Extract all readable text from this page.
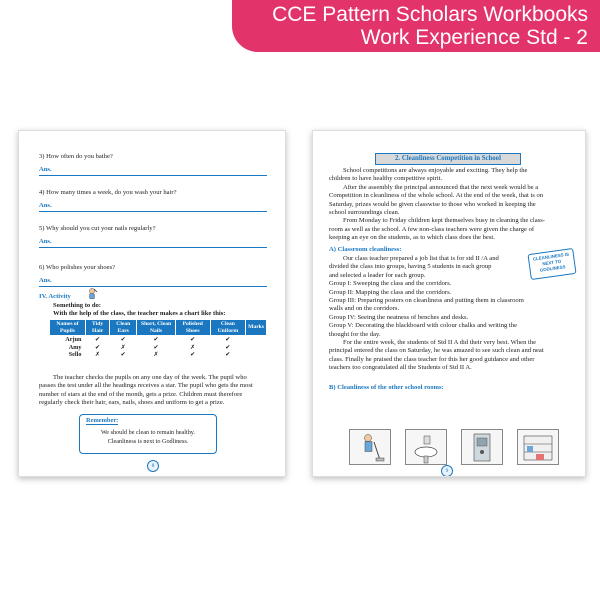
CCE Pattern Scholars Workbooks
Work Experience Std - 2
3) How often do you bathe?
Ans.
4) How many times a week, do you wash your hair?
Ans.
5) Why should you cut your nails regularly?
Ans.
6) Who polishes your shoes?
Ans.
IV. Activity
Something to do:
With the help of the class, the teacher makes a chart like this:
Names of Pupils	Tidy Hair	Clean Ears	Short, Clean Nails	Polished Shoes	Clean Uniform	Marks
Arjun	✔	✔	✔	✔	✔	
Amy	✔	✗	✔	✗	✔	
Sello	✗	✔	✗	✔	✔	
The teacher checks the pupils on any one day of the week. The pupil who
passes the test under all the headings receives a star. The pupil who gets the most
number of stars at the end of the month, gets a prize. Children must therefore
regularly check their hair, ears, nails, shoes and uniform to get a prize.
Remember:
We should be clean to remain healthy.
Cleanliness is next to Godliness.
8
2. Cleanliness Competition in School
School competitions are always enjoyable and exciting. They help the
children to have healthy competitive spirit.
After the assembly the principal announced that the next week would be a
Competition in cleanliness of the whole school. At the end of the week, that is on
Saturday, prizes would be given classwise to those who worked in keeping the
school surroundings clean.
From Monday to Friday children kept themselves busy in cleaning the class-
room as well as the school. A few non-class teachers were given the charge of
keeping an eye on the students, as to which class does the best.
A) Classroom cleanliness:
Our class teacher prepared a job list that is for std II /A and
divided the class into groups, having 5 students in each group
and selected a leader for each group.
Group I: Sweeping the class and the corridors.
Group II: Mapping the class and the corridors.
Group III: Preparing posters on cleanliness and putting them in classroom
walls and on the corridors.
Group IV: Seeing the neatness of benches and desks.
Group V: Decorating the blackboard with colour chalks and writing the
thought for the day.
For the entire week, the students of Std II A did their very best. When the
principal entered the class on Saturday, he was amazed to see such clean and neat
class. Finally he praised the class teacher for this her good guidance and other
teachers too congratulated all the Students of Std II A.
CLEANLINESS IS NEXT TO GODLINESS
B) Cleanliness of the other school rooms:
9
